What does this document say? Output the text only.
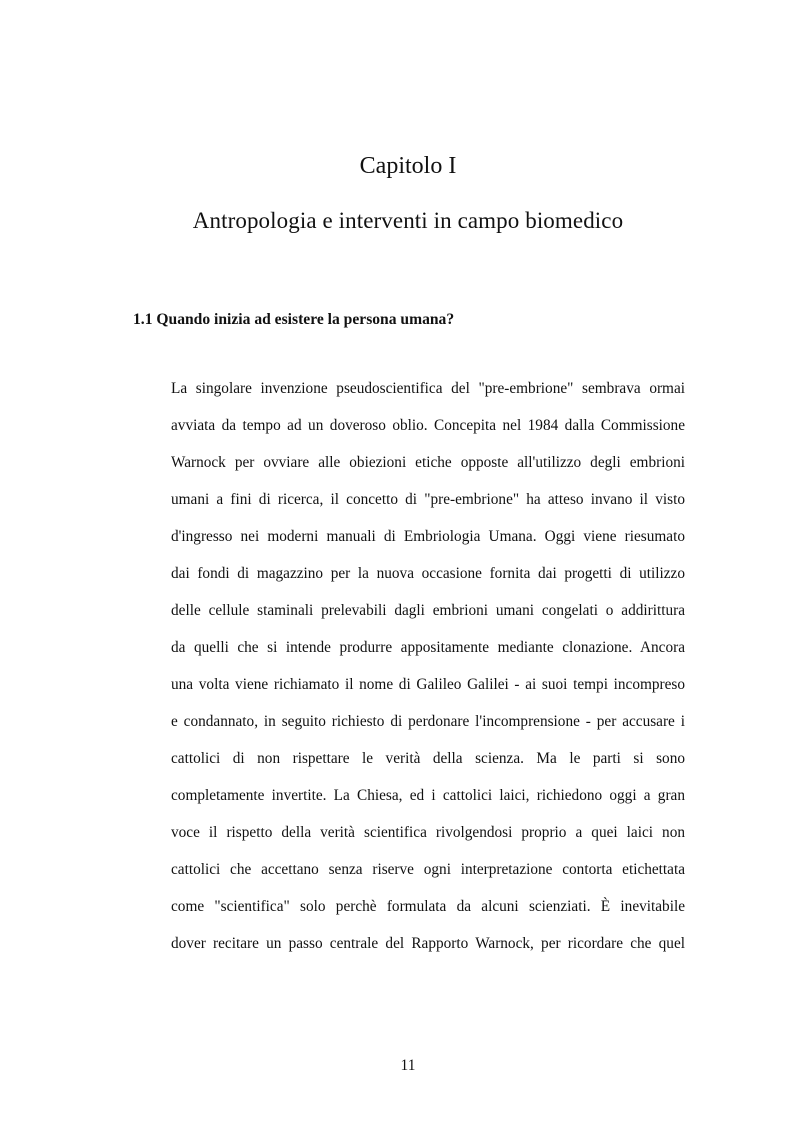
Capitolo I
Antropologia e interventi in campo biomedico
1.1 Quando inizia ad esistere la persona umana?
La singolare invenzione pseudoscientifica del "pre-embrione" sembrava ormai
avviata da tempo ad un doveroso oblio. Concepita nel 1984 dalla Commissione
Warnock per ovviare alle obiezioni etiche opposte all'utilizzo degli embrioni
umani a fini di ricerca, il concetto di "pre-embrione" ha atteso invano il visto
d'ingresso nei moderni manuali di Embriologia Umana. Oggi viene riesumato
dai fondi di magazzino per la nuova occasione fornita dai progetti di utilizzo
delle cellule staminali prelevabili dagli embrioni umani congelati o addirittura
da quelli che si intende produrre appositamente mediante clonazione. Ancora
una volta viene richiamato il nome di Galileo Galilei - ai suoi tempi incompreso
e condannato, in seguito richiesto di perdonare l'incomprensione - per accusare i
cattolici di non rispettare le verità della scienza. Ma le parti si sono
completamente invertite. La Chiesa, ed i cattolici laici, richiedono oggi a gran
voce il rispetto della verità scientifica rivolgendosi proprio a quei laici non
cattolici che accettano senza riserve ogni interpretazione contorta etichettata
come "scientifica" solo perchè formulata da alcuni scienziati. È inevitabile
dover recitare un passo centrale del Rapporto Warnock, per ricordare che quel
11
